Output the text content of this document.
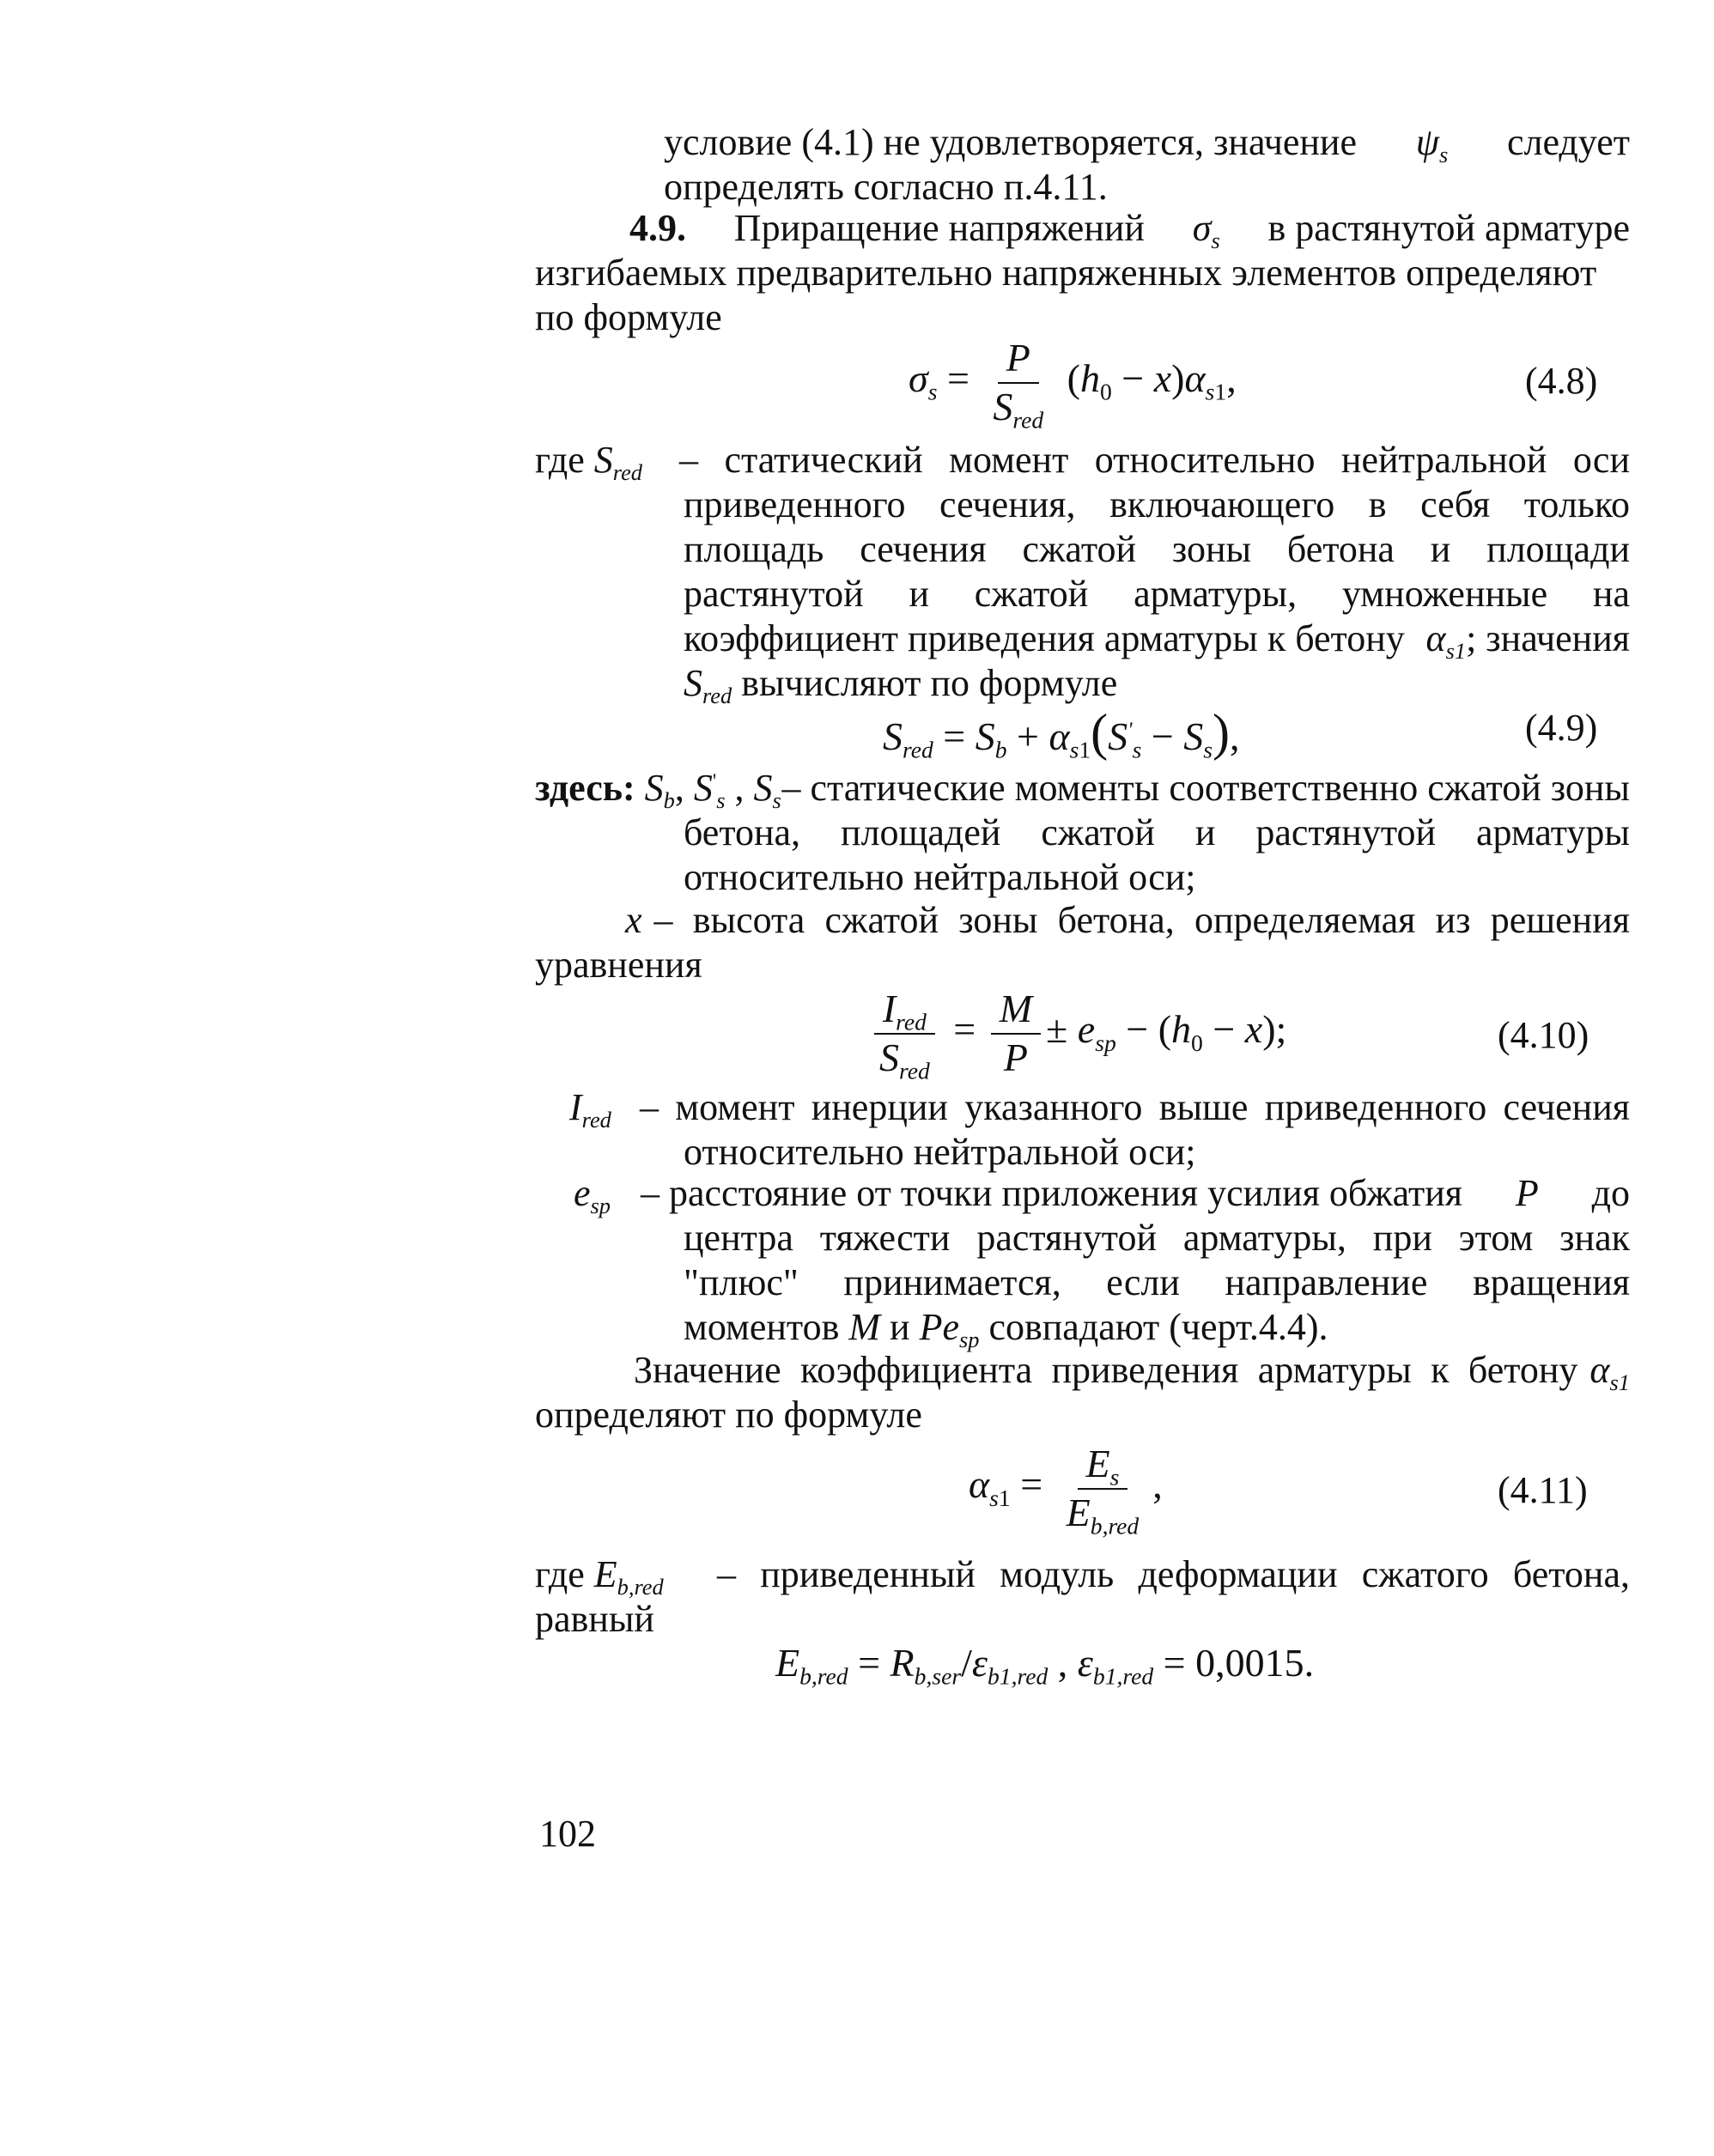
условие (4.1) не удовлетворяется, значение $\psi_s$ следует
определять согласно п.4.11.
4.9. Приращение напряжений $\sigma_s$ в растянутой арматуре
изгибаемых предварительно напряженных элементов определяют
по формуле
$\sigma_s = \frac{P}{S_{red}} (h_0 - x)\alpha_{s1}$,	(4.8)
где $S_{red}$ – статический момент относительно нейтральной оси
приведенного сечения, включающего в себя только
площадь сечения сжатой зоны бетона и площади
растянутой и сжатой арматуры, умноженные на
коэффициент приведения арматуры к бетону $\alpha_{s1}$; значения
$S_{red}$ вычисляют по формуле
$S_{red} = S_b + \alpha_{s1}(S'_s - S_s)$,	(4.9)
здесь: $S_b$, $S'_s$ , $S_s$ – статические моменты соответственно сжатой зоны
бетона, площадей сжатой и растянутой арматуры
относительно нейтральной оси;
x – высота сжатой зоны бетона, определяемая из решения
уравнения
$\frac{I_{red}}{S_{red}} = \frac{M}{P} \pm e_{sp} - (h_0 - x)$;	(4.10)
$I_{red}$ – момент инерции указанного выше приведенного сечения
относительно нейтральной оси;
$e_{sp}$ – расстояние от точки приложения усилия обжатия P до
центра тяжести растянутой арматуры, при этом знак
"плюс" принимается, если направление вращения
моментов M и $Pe_{sp}$ совпадают (черт.4.4).
Значение коэффициента приведения арматуры к бетону $\alpha_{s1}$
определяют по формуле
$\alpha_{s1} = \frac{E_s}{E_{b,red}}$ ,	(4.11)
где $E_{b,red}$	– приведенный модуль деформации сжатого бетона,
равный
$E_{b,red} = R_{b,ser}/\varepsilon_{b1,red}$ , $\varepsilon_{b1,red} = 0,0015$.
102
